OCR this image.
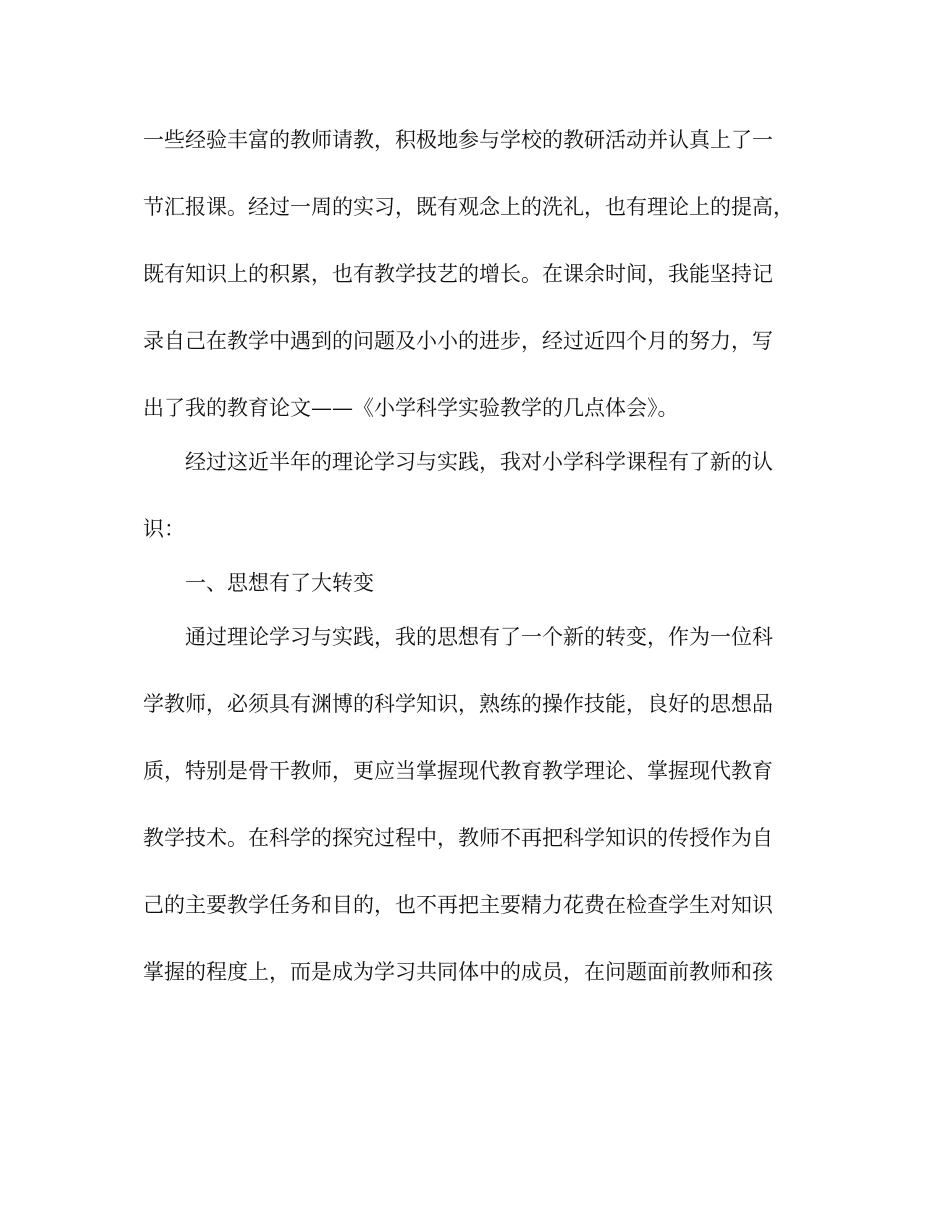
一些经验丰富的教师请教，积极地参与学校的教研活动并认真上了一
节汇报课。经过一周的实习，既有观念上的洗礼，也有理论上的提高，
既有知识上的积累，也有教学技艺的增长。在课余时间，我能坚持记
录自己在教学中遇到的问题及小小的进步，经过近四个月的努力，写
出了我的教育论文——《小学科学实验教学的几点体会》。
经过这近半年的理论学习与实践，我对小学科学课程有了新的认
识：
一、思想有了大转变
通过理论学习与实践，我的思想有了一个新的转变，作为一位科
学教师，必须具有渊博的科学知识，熟练的操作技能，良好的思想品
质，特别是骨干教师，更应当掌握现代教育教学理论、掌握现代教育
教学技术。在科学的探究过程中，教师不再把科学知识的传授作为自
己的主要教学任务和目的，也不再把主要精力花费在检查学生对知识
掌握的程度上，而是成为学习共同体中的成员，在问题面前教师和孩
